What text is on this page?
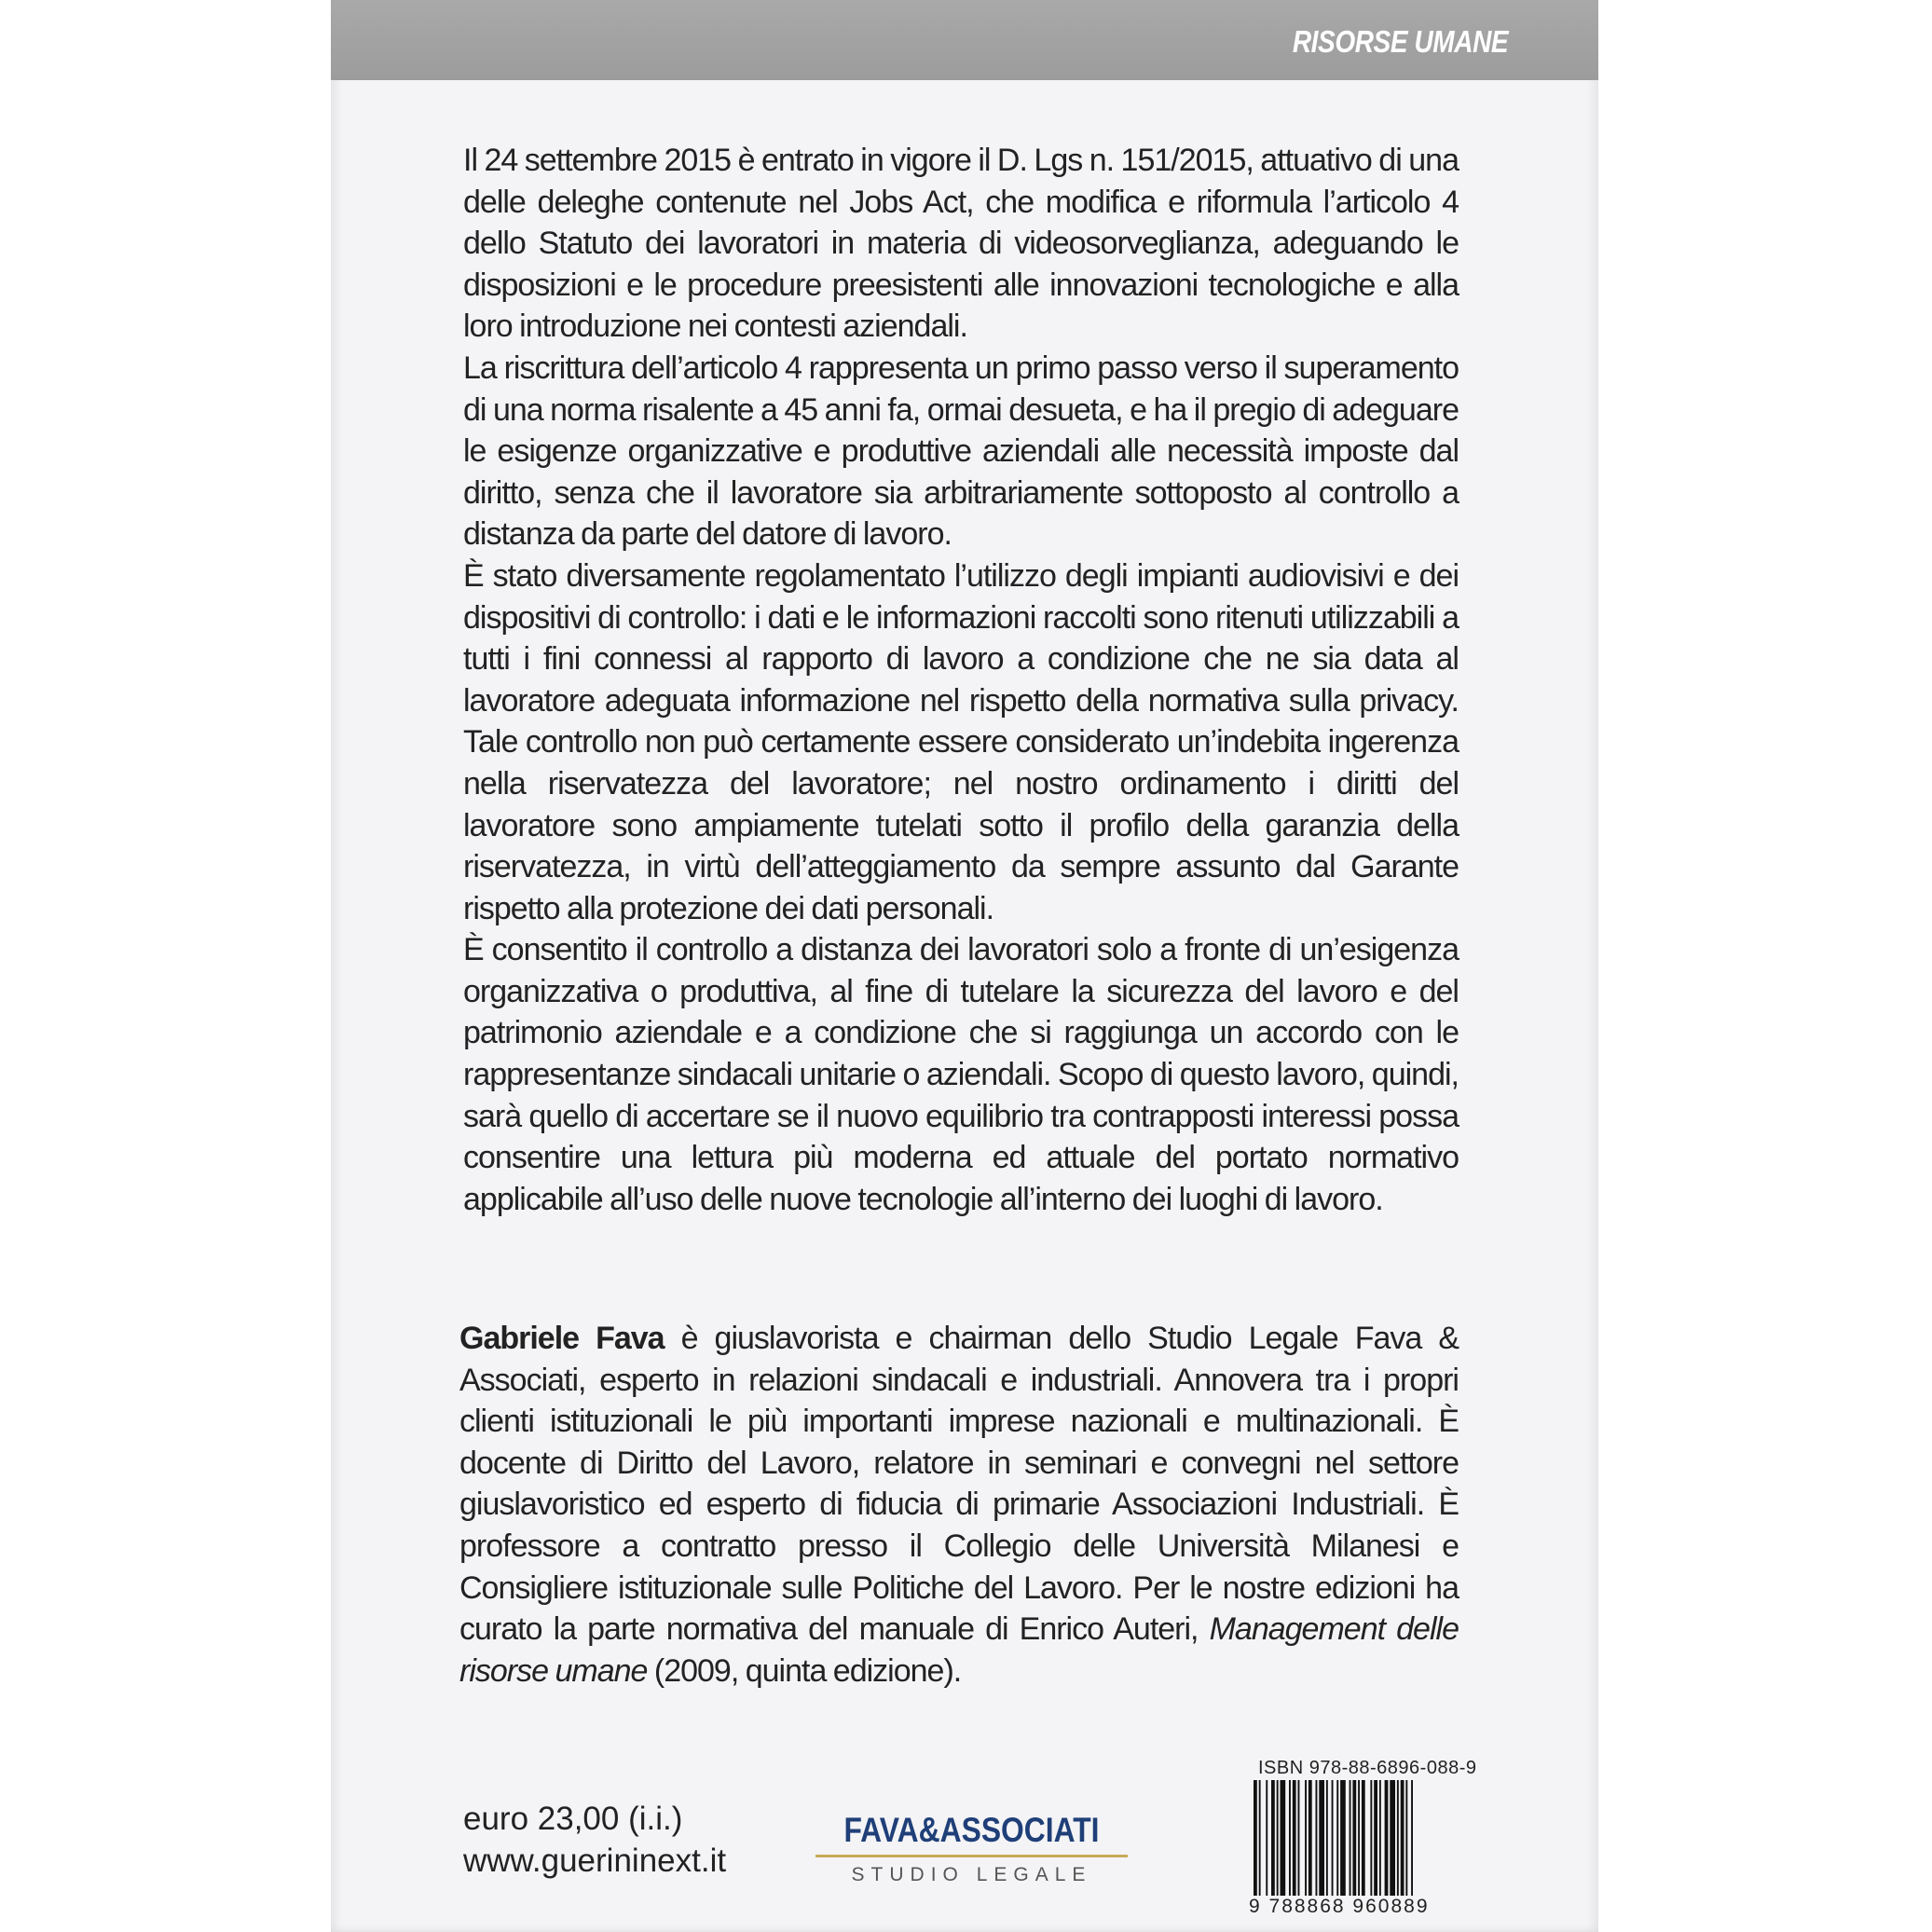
RISORSE UMANE

Il 24 settembre 2015 è entrato in vigore il D. Lgs n. 151/2015, attuativo di una delle deleghe contenute nel Jobs Act, che modifica e riformula l’articolo 4 dello Statuto dei lavoratori in materia di videosorveglianza, adeguando le disposizioni e le procedure preesistenti alle innovazioni tecnologiche e alla loro introduzione nei contesti aziendali.

La riscrittura dell’articolo 4 rappresenta un primo passo verso il superamento di una norma risalente a 45 anni fa, ormai desueta, e ha il pregio di adeguare le esigenze organizzative e produttive aziendali alle necessità imposte dal diritto, senza che il lavoratore sia arbitrariamente sottoposto al controllo a distanza da parte del datore di lavoro.

È stato diversamente regolamentato l’utilizzo degli impianti audiovisivi e dei dispositivi di controllo: i dati e le informazioni raccolti sono ritenuti utilizzabili a tutti i fini connessi al rapporto di lavoro a condizione che ne sia data al lavoratore adeguata informazione nel rispetto della normativa sulla privacy. Tale controllo non può certamente essere considerato un’indebita ingerenza nella riservatezza del lavoratore; nel nostro ordinamento i diritti del lavoratore sono ampiamente tutelati sotto il profilo della garanzia della riservatezza, in virtù dell’atteggiamento da sempre assunto dal Garante rispetto alla protezione dei dati personali.

È consentito il controllo a distanza dei lavoratori solo a fronte di un’esigenza organizzativa o produttiva, al fine di tutelare la sicurezza del lavoro e del patrimonio aziendale e a condizione che si raggiunga un accordo con le rappresentanze sindacali unitarie o aziendali. Scopo di questo lavoro, quindi, sarà quello di accertare se il nuovo equilibrio tra contrapposti interessi possa consentire una lettura più moderna ed attuale del portato normativo applicabile all’uso delle nuove tecnologie all’interno dei luoghi di lavoro.

Gabriele Fava è giuslavorista e chairman dello Studio Legale Fava & Associati, esperto in relazioni sindacali e industriali. Annovera tra i propri clienti istituzionali le più importanti imprese nazionali e multinazionali. È docente di Diritto del Lavoro, relatore in seminari e convegni nel settore giuslavoristico ed esperto di fiducia di primarie Associazioni Industriali. È professore a contratto presso il Collegio delle Università Milanesi e Consigliere istituzionale sulle Politiche del Lavoro. Per le nostre edizioni ha curato la parte normativa del manuale di Enrico Auteri, Management delle risorse umane (2009, quinta edizione).
euro 23,00 (i.i.)
www.guerininext.it
FAVA&ASSOCIATI
STUDIO LEGALE
ISBN 978-88-6896-088-9
9 788868 960889
